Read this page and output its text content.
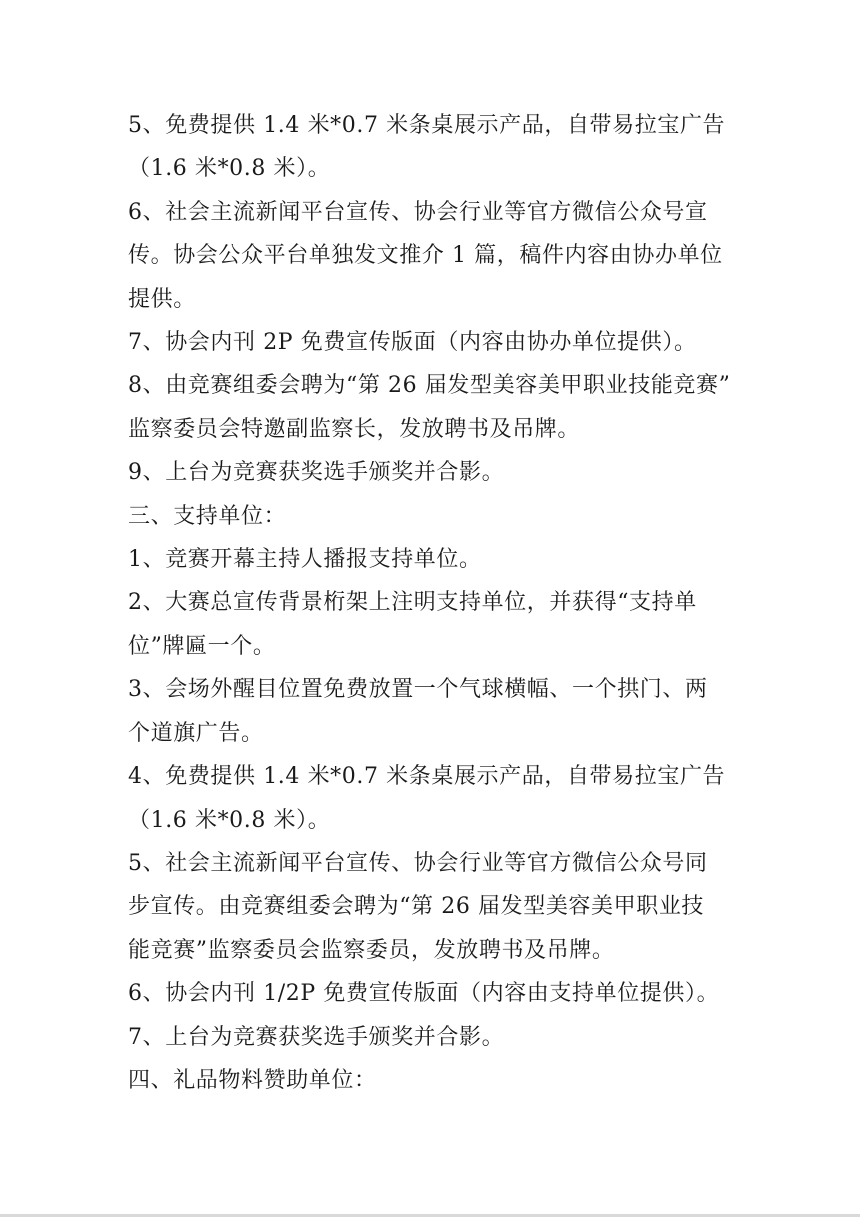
5、免费提供 1.4 米*0.7 米条桌展示产品，自带易拉宝广告

（1.6 米*0.8 米）。

6、社会主流新闻平台宣传、协会行业等官方微信公众号宣

传。协会公众平台单独发文推介 1 篇，稿件内容由协办单位

提供。

7、协会内刊 2P 免费宣传版面（内容由协办单位提供）。

8、由竞赛组委会聘为“第 26 届发型美容美甲职业技能竞赛”

监察委员会特邀副监察长，发放聘书及吊牌。

9、上台为竞赛获奖选手颁奖并合影。

三、支持单位：

1、竞赛开幕主持人播报支持单位。

2、大赛总宣传背景桁架上注明支持单位，并获得“支持单

位”牌匾一个。

3、会场外醒目位置免费放置一个气球横幅、一个拱门、两

个道旗广告。

4、免费提供 1.4 米*0.7 米条桌展示产品，自带易拉宝广告

（1.6 米*0.8 米）。

5、社会主流新闻平台宣传、协会行业等官方微信公众号同

步宣传。由竞赛组委会聘为“第 26 届发型美容美甲职业技

能竞赛”监察委员会监察委员，发放聘书及吊牌。

6、协会内刊 1/2P 免费宣传版面（内容由支持单位提供）。

7、上台为竞赛获奖选手颁奖并合影。

四、礼品物料赞助单位：
